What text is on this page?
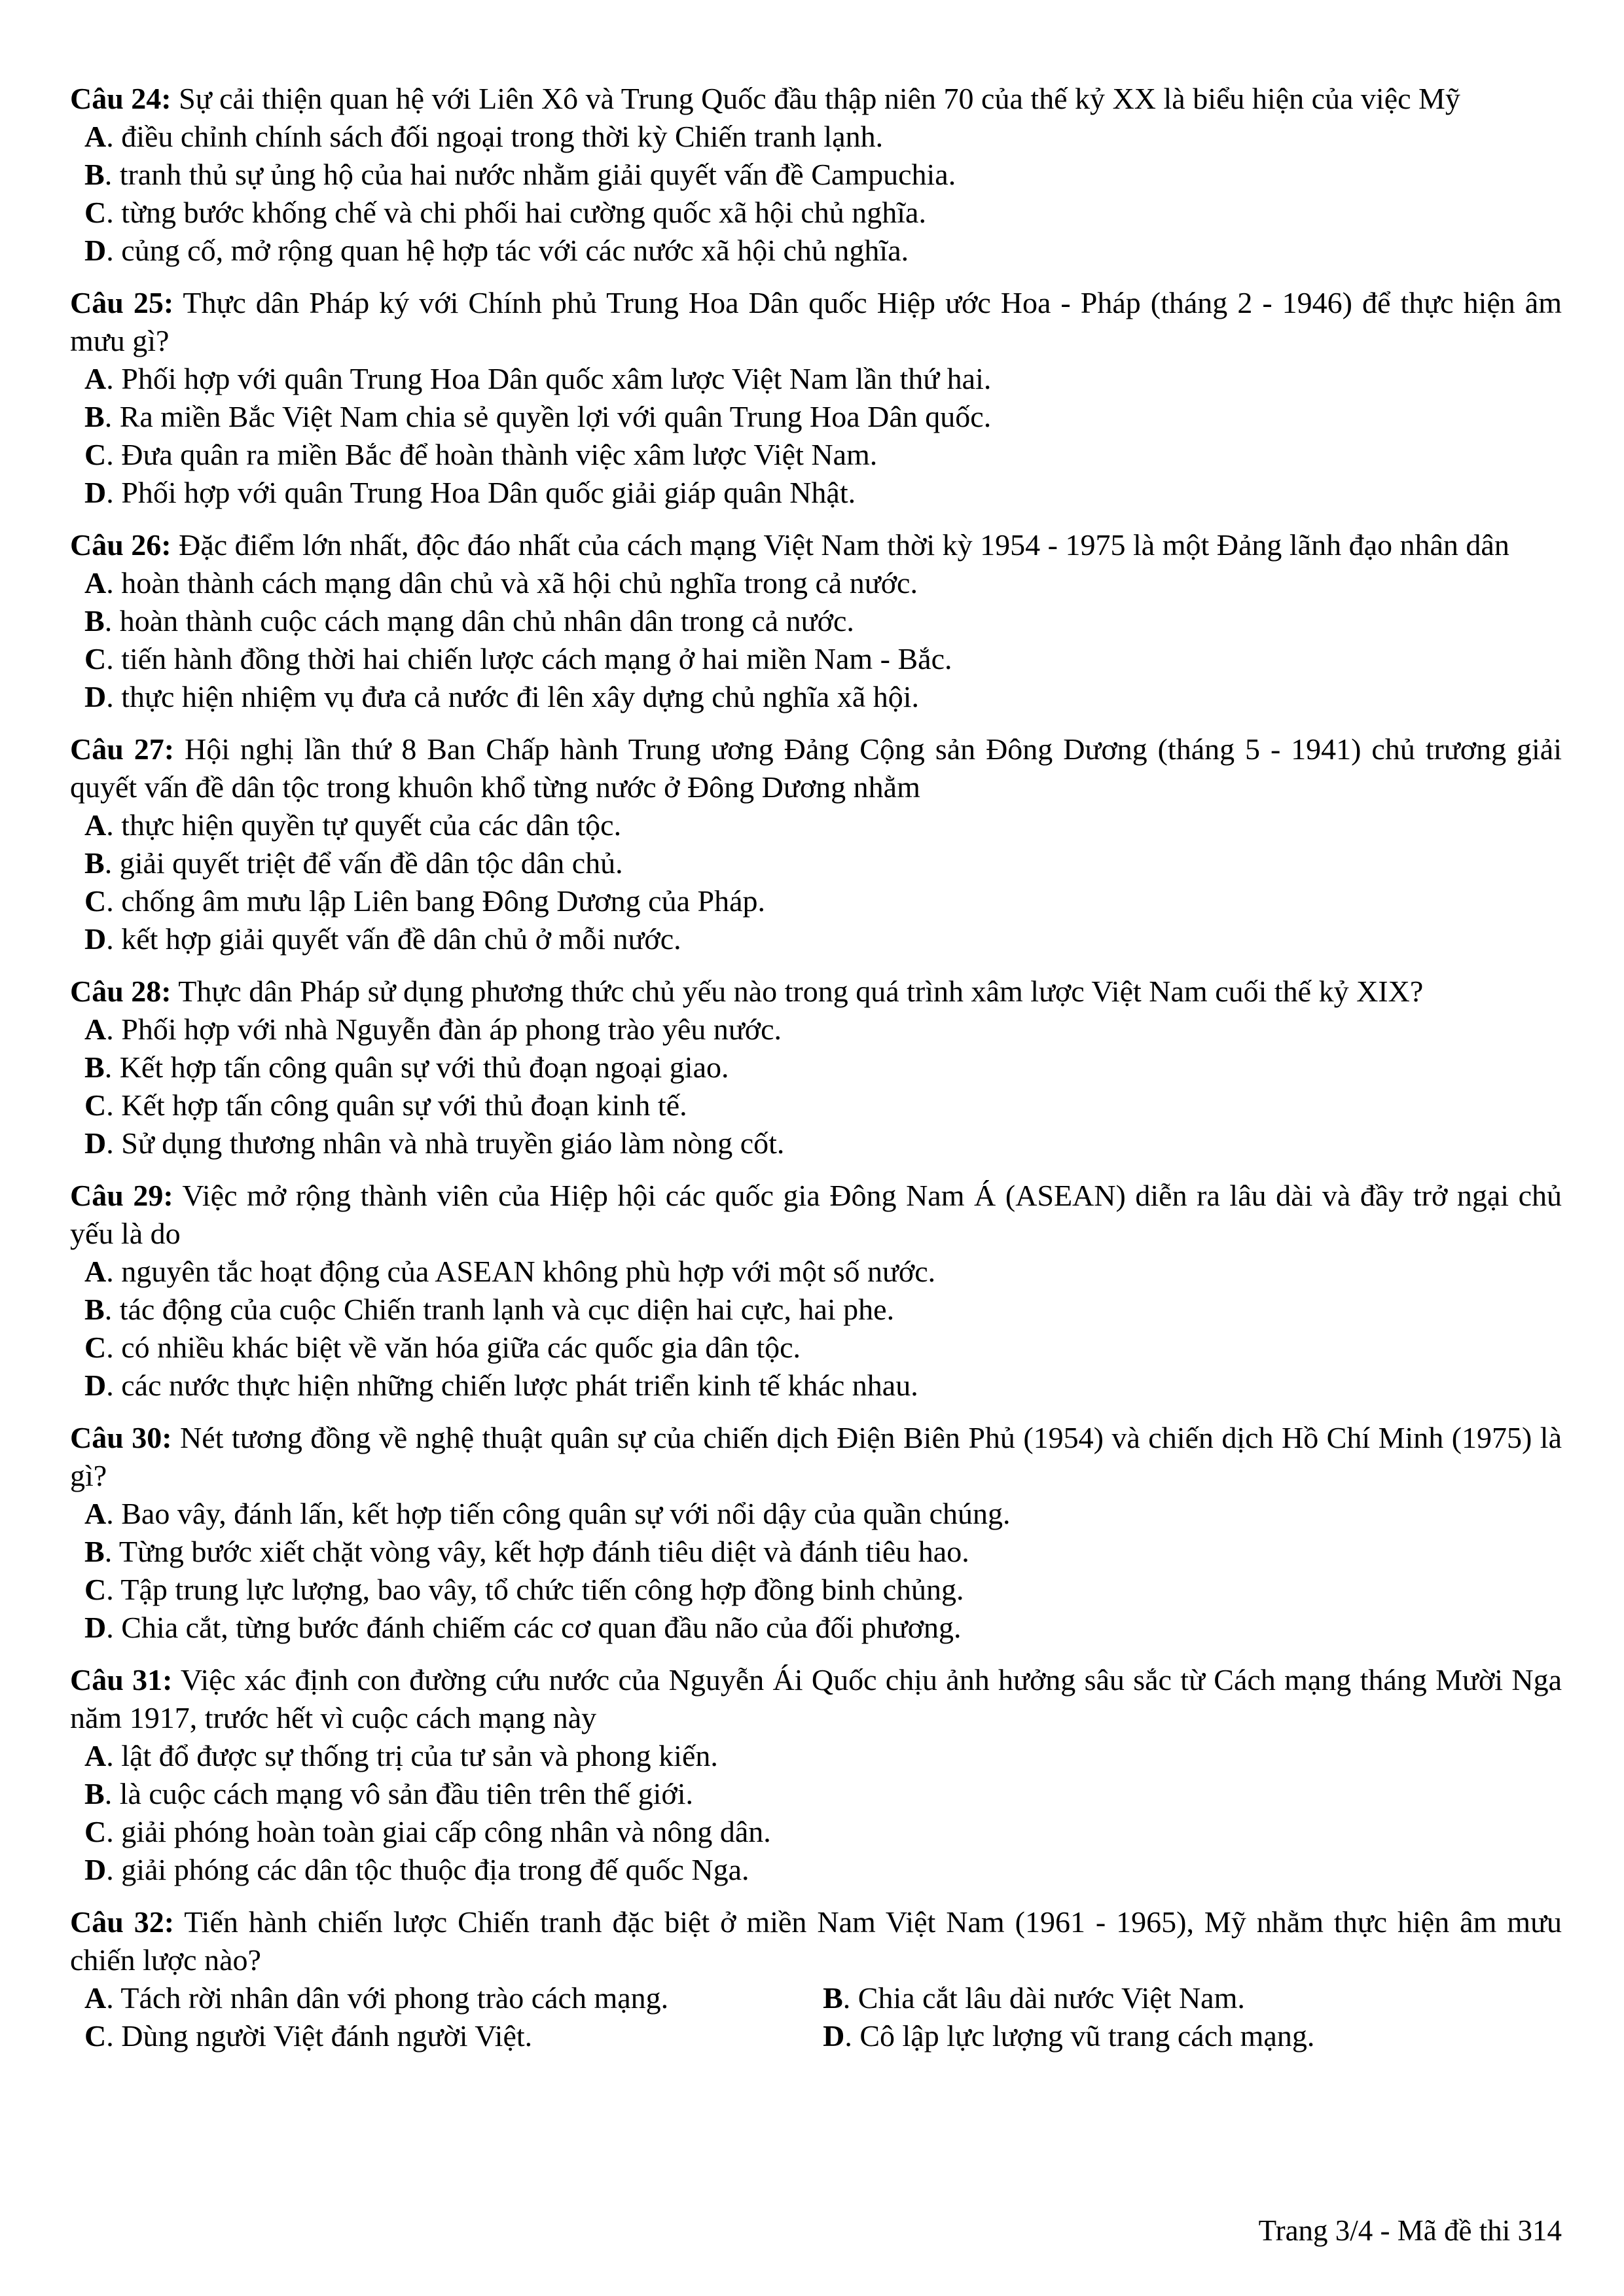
Câu 24: Sự cải thiện quan hệ với Liên Xô và Trung Quốc đầu thập niên 70 của thế kỷ XX là biểu hiện của việc Mỹ

A. điều chỉnh chính sách đối ngoại trong thời kỳ Chiến tranh lạnh.
B. tranh thủ sự ủng hộ của hai nước nhằm giải quyết vấn đề Campuchia.
C. từng bước khống chế và chi phối hai cường quốc xã hội chủ nghĩa.
D. củng cố, mở rộng quan hệ hợp tác với các nước xã hội chủ nghĩa.

Câu 25: Thực dân Pháp ký với Chính phủ Trung Hoa Dân quốc Hiệp ước Hoa - Pháp (tháng 2 - 1946) để thực hiện âm mưu gì?

A. Phối hợp với quân Trung Hoa Dân quốc xâm lược Việt Nam lần thứ hai.
B. Ra miền Bắc Việt Nam chia sẻ quyền lợi với quân Trung Hoa Dân quốc.
C. Đưa quân ra miền Bắc để hoàn thành việc xâm lược Việt Nam.
D. Phối hợp với quân Trung Hoa Dân quốc giải giáp quân Nhật.

Câu 26: Đặc điểm lớn nhất, độc đáo nhất của cách mạng Việt Nam thời kỳ 1954 - 1975 là một Đảng lãnh đạo nhân dân

A. hoàn thành cách mạng dân chủ và xã hội chủ nghĩa trong cả nước.
B. hoàn thành cuộc cách mạng dân chủ nhân dân trong cả nước.
C. tiến hành đồng thời hai chiến lược cách mạng ở hai miền Nam - Bắc.
D. thực hiện nhiệm vụ đưa cả nước đi lên xây dựng chủ nghĩa xã hội.

Câu 27: Hội nghị lần thứ 8 Ban Chấp hành Trung ương Đảng Cộng sản Đông Dương (tháng 5 - 1941) chủ trương giải quyết vấn đề dân tộc trong khuôn khổ từng nước ở Đông Dương nhằm

A. thực hiện quyền tự quyết của các dân tộc.
B. giải quyết triệt để vấn đề dân tộc dân chủ.
C. chống âm mưu lập Liên bang Đông Dương của Pháp.
D. kết hợp giải quyết vấn đề dân chủ ở mỗi nước.

Câu 28: Thực dân Pháp sử dụng phương thức chủ yếu nào trong quá trình xâm lược Việt Nam cuối thế kỷ XIX?

A. Phối hợp với nhà Nguyễn đàn áp phong trào yêu nước.
B. Kết hợp tấn công quân sự với thủ đoạn ngoại giao.
C. Kết hợp tấn công quân sự với thủ đoạn kinh tế.
D. Sử dụng thương nhân và nhà truyền giáo làm nòng cốt.

Câu 29: Việc mở rộng thành viên của Hiệp hội các quốc gia Đông Nam Á (ASEAN) diễn ra lâu dài và đầy trở ngại chủ yếu là do

A. nguyên tắc hoạt động của ASEAN không phù hợp với một số nước.
B. tác động của cuộc Chiến tranh lạnh và cục diện hai cực, hai phe.
C. có nhiều khác biệt về văn hóa giữa các quốc gia dân tộc.
D. các nước thực hiện những chiến lược phát triển kinh tế khác nhau.

Câu 30: Nét tương đồng về nghệ thuật quân sự của chiến dịch Điện Biên Phủ (1954) và chiến dịch Hồ Chí Minh (1975) là gì?

A. Bao vây, đánh lấn, kết hợp tiến công quân sự với nổi dậy của quần chúng.
B. Từng bước xiết chặt vòng vây, kết hợp đánh tiêu diệt và đánh tiêu hao.
C. Tập trung lực lượng, bao vây, tổ chức tiến công hợp đồng binh chủng.
D. Chia cắt, từng bước đánh chiếm các cơ quan đầu não của đối phương.

Câu 31: Việc xác định con đường cứu nước của Nguyễn Ái Quốc chịu ảnh hưởng sâu sắc từ Cách mạng tháng Mười Nga năm 1917, trước hết vì cuộc cách mạng này

A. lật đổ được sự thống trị của tư sản và phong kiến.
B. là cuộc cách mạng vô sản đầu tiên trên thế giới.
C. giải phóng hoàn toàn giai cấp công nhân và nông dân.
D. giải phóng các dân tộc thuộc địa trong đế quốc Nga.

Câu 32: Tiến hành chiến lược Chiến tranh đặc biệt ở miền Nam Việt Nam (1961 - 1965), Mỹ nhằm thực hiện âm mưu chiến lược nào?

A. Tách rời nhân dân với phong trào cách mạng.	B. Chia cắt lâu dài nước Việt Nam.
C. Dùng người Việt đánh người Việt.	D. Cô lập lực lượng vũ trang cách mạng.
Trang 3/4 - Mã đề thi 314
